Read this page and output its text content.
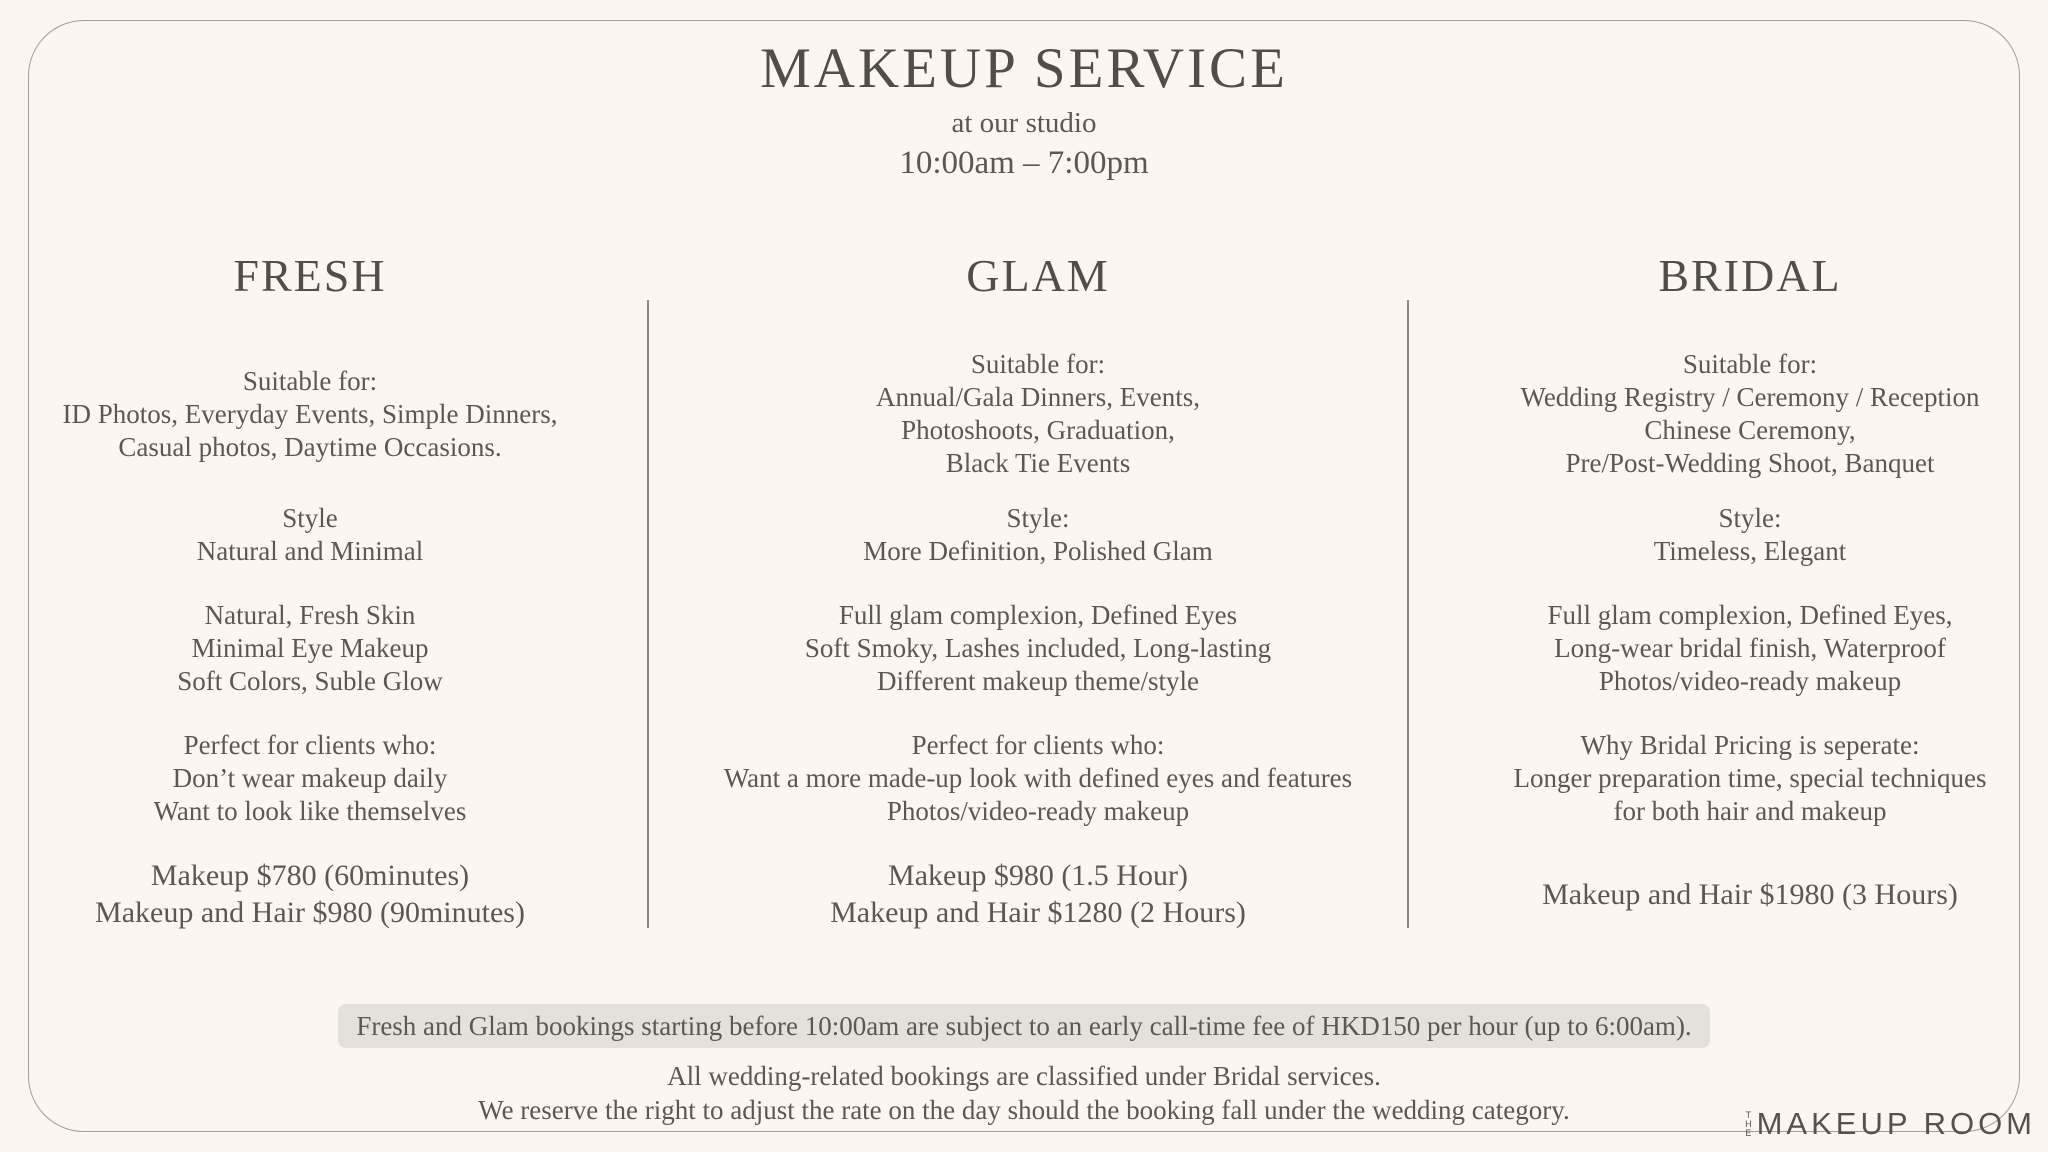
MAKEUP SERVICE
at our studio
10:00am – 7:00pm
FRESH

Suitable for:

ID Photos, Everyday Events, Simple Dinners,

Casual photos, Daytime Occasions.

Style

Natural and Minimal

Natural, Fresh Skin

Minimal Eye Makeup

Soft Colors, Suble Glow

Perfect for clients who:

Don’t wear makeup daily

Want to look like themselves

Makeup $780 (60minutes)

Makeup and Hair $980 (90minutes)

GLAM

Suitable for:

Annual/Gala Dinners, Events,

Photoshoots, Graduation,

Black Tie Events

Style:

More Definition, Polished Glam

Full glam complexion, Defined Eyes

Soft Smoky, Lashes included, Long-lasting

Different makeup theme/style

Perfect for clients who:

Want a more made-up look with defined eyes and features

Photos/video-ready makeup

Makeup $980 (1.5 Hour)

Makeup and Hair $1280 (2 Hours)

BRIDAL

Suitable for:

Wedding Registry / Ceremony / Reception

Chinese Ceremony,

Pre/Post-Wedding Shoot, Banquet

Style:

Timeless, Elegant

Full glam complexion, Defined Eyes,

Long-wear bridal finish, Waterproof

Photos/video-ready makeup

Why Bridal Pricing is seperate:

Longer preparation time, special techniques

for both hair and makeup

Makeup and Hair $1980 (3 Hours)

Fresh and Glam bookings starting before 10:00am are subject to an early call-time fee of HKD150 per hour (up to 6:00am).
All wedding-related bookings are classified under Bridal services.
We reserve the right to adjust the rate on the day should the booking fall under the wedding category.	T
H
E MAKEUP ROOM
